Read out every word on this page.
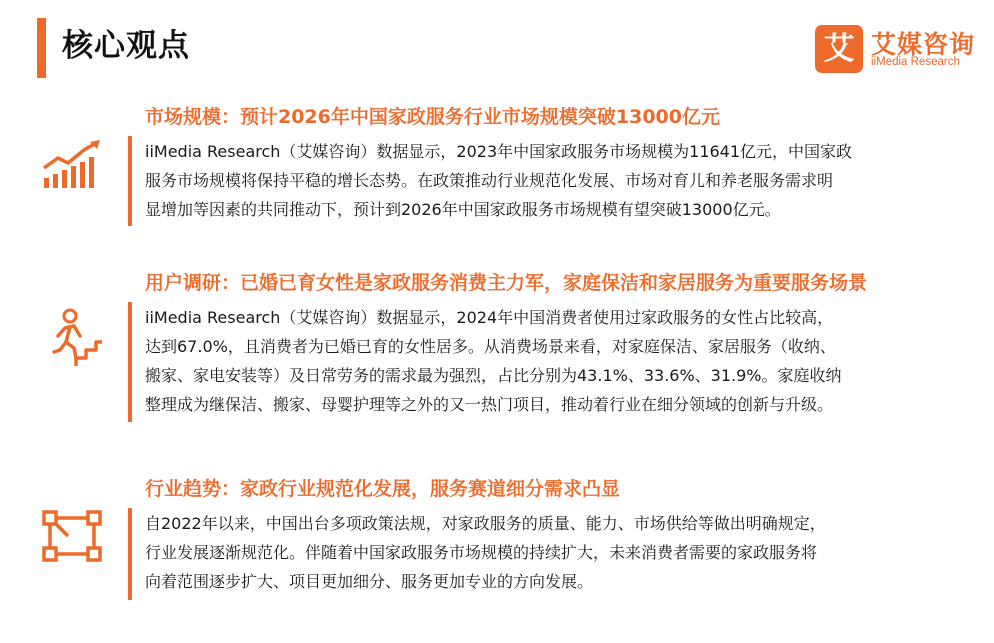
核心观点	艾 艾媒咨询
iiMedia Research
市场规模：预计2026年中国家政服务行业市场规模突破13000亿元
iiMedia Research（艾媒咨询）数据显示，2023年中国家政服务市场规模为11641亿元，中国家政
服务市场规模将保持平稳的增长态势。在政策推动行业规范化发展、市场对育儿和养老服务需求明
显增加等因素的共同推动下，预计到2026年中国家政服务市场规模有望突破13000亿元。
用户调研：已婚已育女性是家政服务消费主力军，家庭保洁和家居服务为重要服务场景
iiMedia Research（艾媒咨询）数据显示，2024年中国消费者使用过家政服务的女性占比较高，
达到67.0%，且消费者为已婚已育的女性居多。从消费场景来看，对家庭保洁、家居服务（收纳、
搬家、家电安装等）及日常劳务的需求最为强烈，占比分别为43.1%、33.6%、31.9%。家庭收纳
整理成为继保洁、搬家、母婴护理等之外的又一热门项目，推动着行业在细分领域的创新与升级。
行业趋势：家政行业规范化发展，服务赛道细分需求凸显
自2022年以来，中国出台多项政策法规，对家政服务的质量、能力、市场供给等做出明确规定，
行业发展逐渐规范化。伴随着中国家政服务市场规模的持续扩大，未来消费者需要的家政服务将
向着范围逐步扩大、项目更加细分、服务更加专业的方向发展。
